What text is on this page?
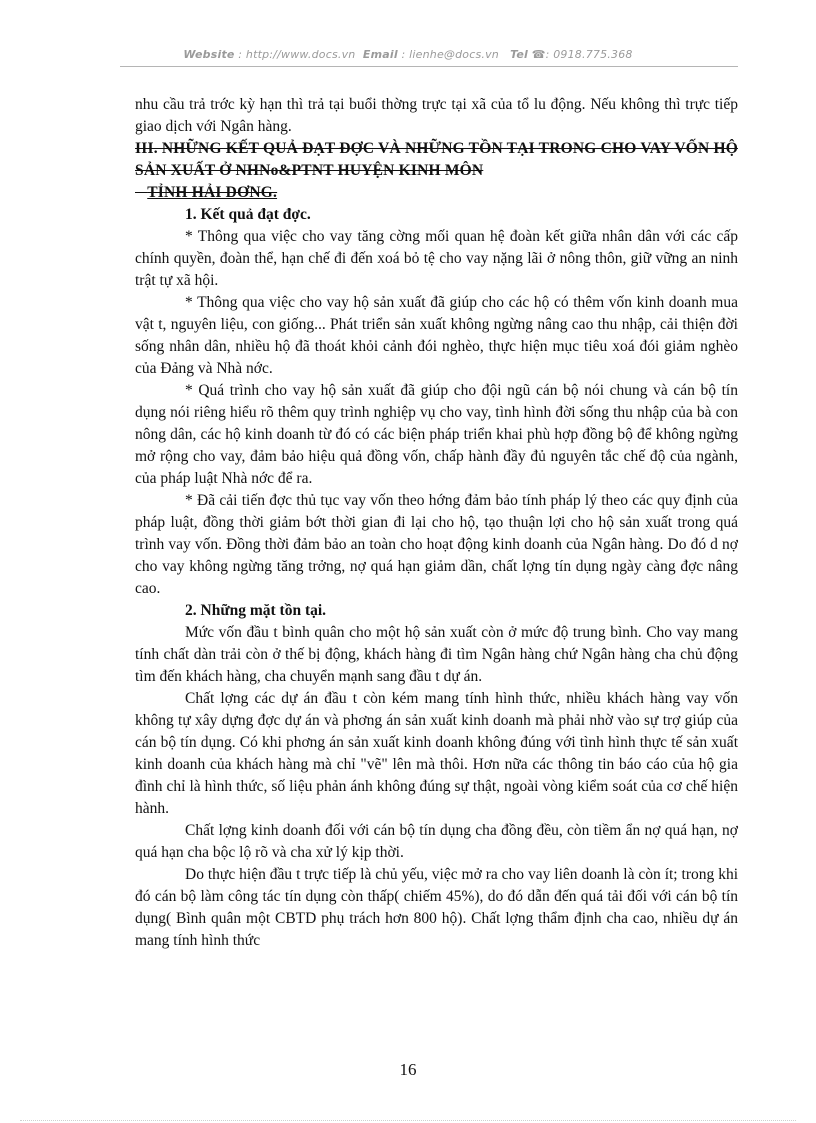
Website : http://www.docs.vn Email : lienhe@docs.vn Tel ☎: 0918.775.368

nhu cầu trả trớc kỳ hạn thì trả tại buổi thờng trực tại xã của tổ lu động. Nếu không thì trực tiếp giao dịch với Ngân hàng.

III. NHỮNG KẾT QUẢ ĐẠT ĐỢC VÀ NHỮNG TỒN TẠI TRONG CHO VAY VỐN HỘ SẢN XUẤT Ở NHNo&PTNT HUYỆN KINH MÔN
TỈNH HẢI DƠNG.

1. Kết quả đạt đợc.

* Thông qua việc cho vay tăng cờng mối quan hệ đoàn kết giữa nhân dân với các cấp chính quyền, đoàn thể, hạn chế đi đến xoá bỏ tệ cho vay nặng lãi ở nông thôn, giữ vững an ninh trật tự xã hội.

* Thông qua việc cho vay hộ sản xuất đã giúp cho các hộ có thêm vốn kinh doanh mua vật t, nguyên liệu, con giống... Phát triển sản xuất không ngừng nâng cao thu nhập, cải thiện đời sống nhân dân, nhiều hộ đã thoát khỏi cảnh đói nghèo, thực hiện mục tiêu xoá đói giảm nghèo của Đảng và Nhà nớc.

* Quá trình cho vay hộ sản xuất đã giúp cho đội ngũ cán bộ nói chung và cán bộ tín dụng nói riêng hiểu rõ thêm quy trình nghiệp vụ cho vay, tình hình đời sống thu nhập của bà con nông dân, các hộ kinh doanh từ đó có các biện pháp triển khai phù hợp đồng bộ để không ngừng mở rộng cho vay, đảm bảo hiệu quả đồng vốn, chấp hành đầy đủ nguyên tắc chế độ của ngành, của pháp luật Nhà nớc để ra.

* Đã cải tiến đợc thủ tục vay vốn theo hớng đảm bảo tính pháp lý theo các quy định của pháp luật, đồng thời giảm bớt thời gian đi lại cho hộ, tạo thuận lợi cho hộ sản xuất trong quá trình vay vốn. Đồng thời đảm bảo an toàn cho hoạt động kinh doanh của Ngân hàng. Do đó d nợ cho vay không ngừng tăng trởng, nợ quá hạn giảm dần, chất lợng tín dụng ngày càng đợc nâng cao.

2. Những mặt tồn tại.

Mức vốn đầu t bình quân cho một hộ sản xuất còn ở mức độ trung bình. Cho vay mang tính chất dàn trải còn ở thế bị động, khách hàng đi tìm Ngân hàng chứ Ngân hàng cha chủ động tìm đến khách hàng, cha chuyển mạnh sang đầu t dự án.

Chất lợng các dự án đầu t còn kém mang tính hình thức, nhiều khách hàng vay vốn không tự xây dựng đợc dự án và phơng án sản xuất kinh doanh mà phải nhờ vào sự trợ giúp của cán bộ tín dụng. Có khi phơng án sản xuất kinh doanh không đúng với tình hình thực tế sản xuất kinh doanh của khách hàng mà chỉ "vẽ" lên mà thôi. Hơn nữa các thông tin báo cáo của hộ gia đình chỉ là hình thức, số liệu phản ánh không đúng sự thật, ngoài vòng kiểm soát của cơ chế hiện hành.

Chất lợng kinh doanh đối với cán bộ tín dụng cha đồng đều, còn tiềm ẩn nợ quá hạn, nợ quá hạn cha bộc lộ rõ và cha xử lý kịp thời.

Do thực hiện đầu t trực tiếp là chủ yếu, việc mở ra cho vay liên doanh là còn ít; trong khi đó cán bộ làm công tác tín dụng còn thấp( chiếm 45%), do đó dẫn đến quá tải đối với cán bộ tín dụng( Bình quân một CBTD phụ trách hơn 800 hộ). Chất lợng thẩm định cha cao, nhiều dự án mang tính hình thức

16
